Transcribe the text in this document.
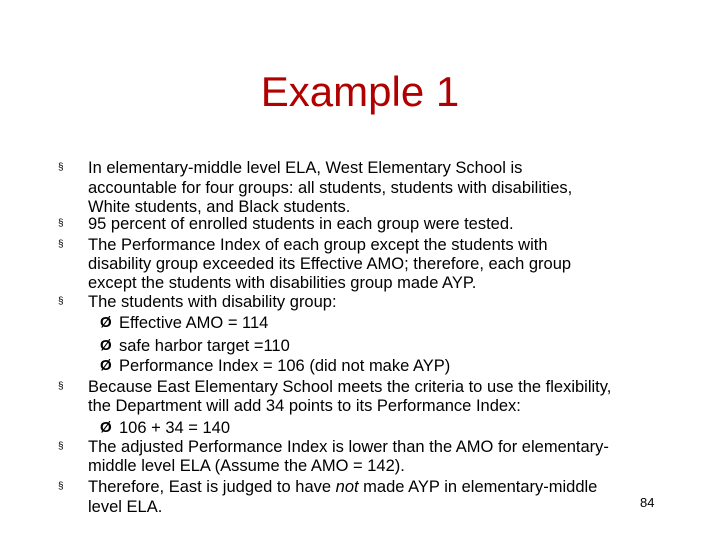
Example 1
§ In elementary-middle level ELA, West Elementary School is
accountable for four groups: all students, students with disabilities,
White students, and Black students.
§ 95 percent of enrolled students in each group were tested.
§ The Performance Index of each group except the students with
disability group exceeded its Effective AMO; therefore, each group
except the students with disabilities group made AYP.
§ The students with disability group:
Ø Effective AMO = 114
Ø safe harbor target =110
Ø Performance Index = 106 (did not make AYP)
§ Because East Elementary School meets the criteria to use the flexibility,
the Department will add 34 points to its Performance Index:
Ø 106 + 34 = 140
§ The adjusted Performance Index is lower than the AMO for elementary-
middle level ELA (Assume the AMO = 142).
§ Therefore, East is judged to have not made AYP in elementary-middle
level ELA.	84
